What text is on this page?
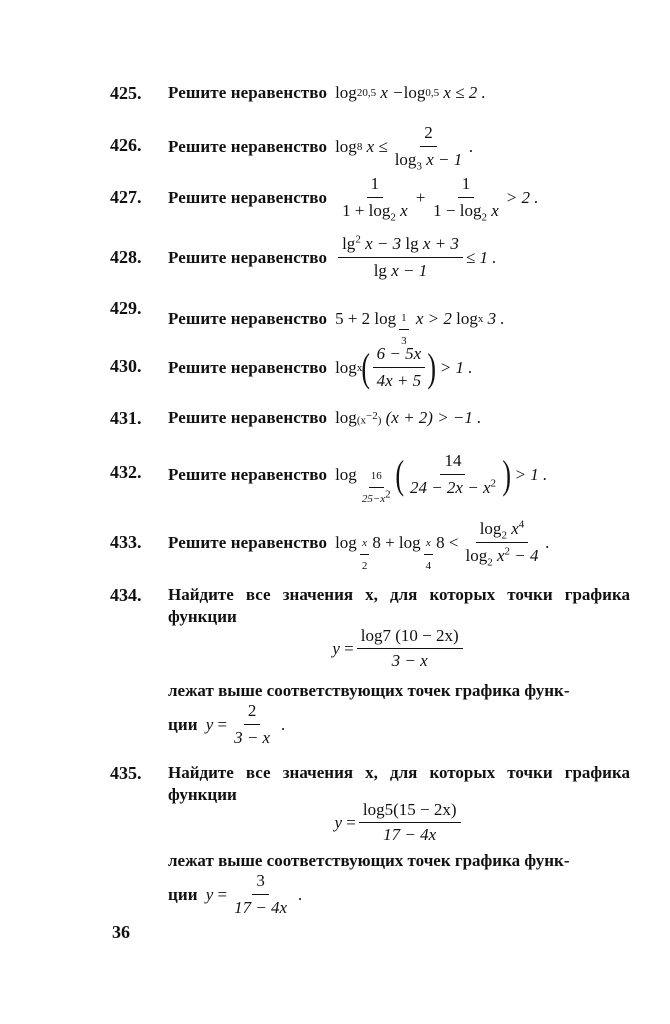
425.	Решите неравенство log 2 0,5 x − log 0,5 x ≤ 2 .
426.	Решите неравенство log 8 $x \le \frac{2}{\log_3 x - 1}$ .
427.	Решите неравенство $\frac{1}{1 + \log_2 x} + \frac{1}{1 - \log_2 x} > 2$ .
428.	Решите неравенство $\frac{\lg^2 x - 3 \lg x + 3}{\text{lg x − 1}} \le 1$ .
429.	Решите неравенство 5 + 2 $\log \frac{1}{3}$ x > 2 log x 3 .
430.	Решите неравенство log x ( $\frac{6 - 5x}{4x + 5}$ ) > 1 .
431.	Решите неравенство $\log (x^{-2}) (x + 2) > -1$ .
432.	Решите неравенство $\log \frac{16}{25-x^2}$ ( $\frac{14}{24 - 2x - x^2}$ ) > 1 .
433.	Решите неравенство $\log \frac{x}{2} 8 + \log \frac{x}{4} 8 < \frac{\log_2 x^4}{\log_2 x^2 - 4}$ .
434.	Найдите все значения x, для которых точки графика функции
y
= $\frac{\log 7 (10 - 2x)}{3 - x}$
лежат выше соответствующих точек графика функ-
ции y
= $\frac{2}{3 - x}$ .
435.	Найдите все значения x, для которых точки графика функции
y
= $\frac{\log 5(15 - 2x)}{17 - 4x}$
лежат выше соответствующих точек графика функ-
ции y
= $\frac{3}{17 - 4x}$ .
36
